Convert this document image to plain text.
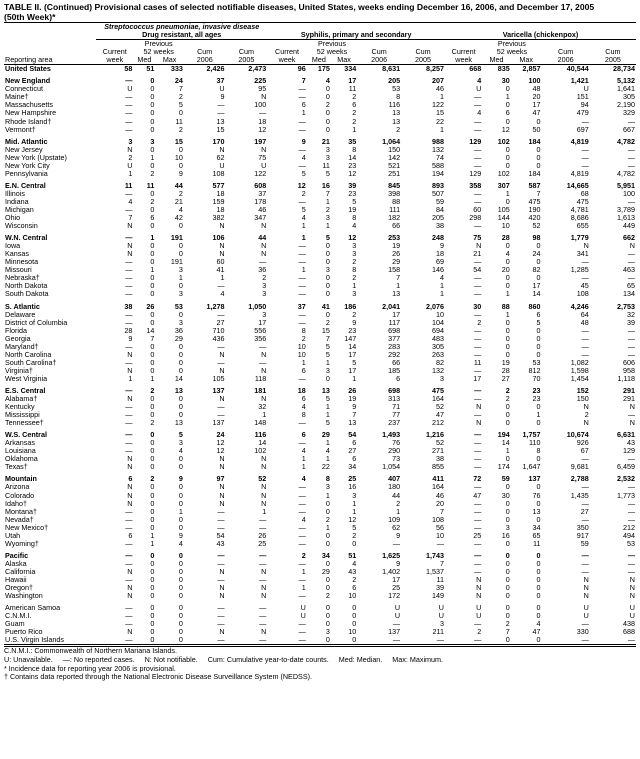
TABLE II. (Continued) Provisional cases of selected notifiable diseases, United States, weeks ending December 16, 2006, and December 17, 2005
(50th Week)*
	Streptococcus pneumoniae, invasive disease														
	Drug resistant, all ages					Syphilis, primary and secondary					Varicella (chickenpox)				
		Previous					Previous					Previous			
	Current	52 weeks		Cum	Cum	Current	52 weeks		Cum	Cum	Current	52 weeks		Cum	Cum
Reporting area	week	Med	Max	2006	2005	week	Med	Max	2006	2005	week	Med	Max	2006	2005
United States	58	51	333	2,426	2,473	96	175	334	8,631	8,257	668	835	2,857	40,544	28,734

New England	—	0	24	37	225	7	4	17	205	207	4	30	100	1,421	5,132
Connecticut	U	0	7	U	95	—	0	11	53	46	U	0	48	U	1,641
Maine†	—	0	2	9	N	—	0	2	8	1	—	1	20	151	305
Massachusetts	—	0	5	—	100	6	2	6	116	122	—	0	17	94	2,190
New Hampshire	—	0	0	—	—	1	0	2	13	15	4	6	47	479	329
Rhode Island†	—	0	11	13	18	—	0	2	13	22	—	0	0	—	—
Vermont†	—	0	2	15	12	—	0	1	2	1	—	12	50	697	667

Mid. Atlantic	3	3	15	170	197	9	21	35	1,064	988	129	102	184	4,819	4,782
New Jersey	N	0	0	N	N	—	3	8	150	132	—	0	0	—	—
New York (Upstate)	2	1	10	62	75	4	3	14	142	74	—	0	0	—	—
New York City	U	0	0	U	U	—	11	23	521	588	—	0	0	—	—
Pennsylvania	1	2	9	108	122	5	5	12	251	194	129	102	184	4,819	4,782

E.N. Central	11	11	44	577	608	12	16	39	845	893	358	307	587	14,665	5,951
Illinois	—	0	2	18	37	2	7	23	398	507	—	1	7	68	100
Indiana	4	2	21	159	178	—	1	5	88	59	—	0	475	475	—
Michigan	—	0	4	18	46	5	2	19	111	84	60	105	190	4,781	3,789
Ohio	7	6	42	382	347	4	3	8	182	205	298	144	420	8,686	1,613
Wisconsin	N	0	0	N	N	1	1	4	66	38	—	10	52	655	449

W.N. Central	—	1	191	106	44	1	5	12	253	248	75	28	98	1,779	662
Iowa	N	0	0	N	N	—	0	3	19	9	N	0	0	N	N
Kansas	N	0	0	N	N	—	0	3	26	18	21	4	24	341	—
Minnesota	—	0	191	60	—	—	0	2	29	69	—	0	0	—	—
Missouri	—	1	3	41	36	1	3	8	158	146	54	20	82	1,285	463
Nebraska†	—	0	1	1	2	—	0	2	7	4	—	0	0	—	—
North Dakota	—	0	0	—	3	—	0	1	1	1	—	0	17	45	65
South Dakota	—	0	3	4	3	—	0	3	13	1	—	1	14	108	134

S. Atlantic	38	26	53	1,278	1,050	37	41	186	2,041	2,076	30	88	860	4,246	2,753
Delaware	—	0	0	—	3	—	0	2	17	10	—	1	6	64	32
District of Columbia	—	0	3	27	17	—	2	9	117	104	2	0	5	48	39
Florida	28	14	36	710	556	8	15	23	698	694	—	0	0	—	—
Georgia	9	7	29	436	356	2	7	147	377	483	—	0	0	—	—
Maryland†	—	0	0	—	—	10	5	14	283	305	—	0	0	—	—
North Carolina	N	0	0	N	N	10	5	17	292	263	—	0	0	—	—
South Carolina†	—	0	0	—	—	1	1	5	66	82	11	19	53	1,082	606
Virginia†	N	0	0	N	N	6	3	17	185	132	—	28	812	1,598	958
West Virginia	1	1	14	105	118	—	0	1	6	3	17	27	70	1,454	1,118

E.S. Central	—	2	13	137	181	18	13	26	698	475	—	2	23	152	291
Alabama†	N	0	0	N	N	6	5	19	313	164	—	2	23	150	291
Kentucky	—	0	0	—	32	4	1	9	71	52	N	0	0	N	N
Mississippi	—	0	0	—	1	8	1	7	77	47	—	0	1	2	—
Tennessee†	—	2	13	137	148	—	5	13	237	212	N	0	0	N	N

W.S. Central	—	0	5	24	116	6	29	54	1,493	1,216	—	194	1,757	10,674	6,631
Arkansas	—	0	3	12	14	—	1	6	76	52	—	14	110	926	43
Louisiana	—	0	4	12	102	4	4	27	290	271	—	1	8	67	129
Oklahoma	N	0	0	N	N	1	1	6	73	38	—	0	0	—	—
Texas†	N	0	0	N	N	1	22	34	1,054	855	—	174	1,647	9,681	6,459

Mountain	6	2	9	97	52	4	8	25	407	411	72	59	137	2,788	2,532
Arizona	N	0	0	N	N	—	3	16	180	164	—	0	0	—	—
Colorado	N	0	0	N	N	—	1	3	44	46	47	30	76	1,435	1,773
Idaho†	N	0	0	N	N	—	0	1	2	20	—	0	0	—	—
Montana†	—	0	1	—	1	—	0	1	1	7	—	0	13	27	—
Nevada†	—	0	0	—	—	4	2	12	109	108	—	0	0	—	—
New Mexico†	—	0	0	—	—	—	1	5	62	56	—	3	34	350	212
Utah	6	1	9	54	26	—	0	2	9	10	25	16	65	917	494
Wyoming†	—	1	4	43	25	—	0	0	—	—	—	0	11	59	53

Pacific	—	0	0	—	—	2	34	51	1,625	1,743	—	0	0	—	—
Alaska	—	0	0	—	—	—	0	4	9	7	—	0	0	—	—
California	N	0	0	N	N	1	29	43	1,402	1,537	—	0	0	—	—
Hawaii	—	0	0	—	—	—	0	2	17	11	N	0	0	N	N
Oregon†	N	0	0	N	N	1	0	6	25	39	N	0	0	N	N
Washington	N	0	0	N	N	—	2	10	172	149	N	0	0	N	N

American Samoa	—	0	0	—	—	U	0	0	U	U	U	0	0	U	U
C.N.M.I.	—	0	0	—	—	U	0	0	U	U	U	0	0	U	U
Guam	—	0	0	—	—	—	0	0	—	3	—	2	4	—	438
Puerto Rico	N	0	0	N	N	—	3	10	137	211	2	7	47	330	688
U.S. Virgin Islands	—	0	0	—	—	—	0	0	—	—	—	0	0	—	—
C.N.M.I.: Commonwealth of Northern Mariana Islands.
U: Unavailable.     —: No reported cases.     N: Not notifiable.     Cum: Cumulative year-to-date counts.     Med: Median.     Max: Maximum.
* Incidence data for reporting year 2006 is provisional.
† Contains data reported through the National Electronic Disease Surveillance System (NEDSS).
